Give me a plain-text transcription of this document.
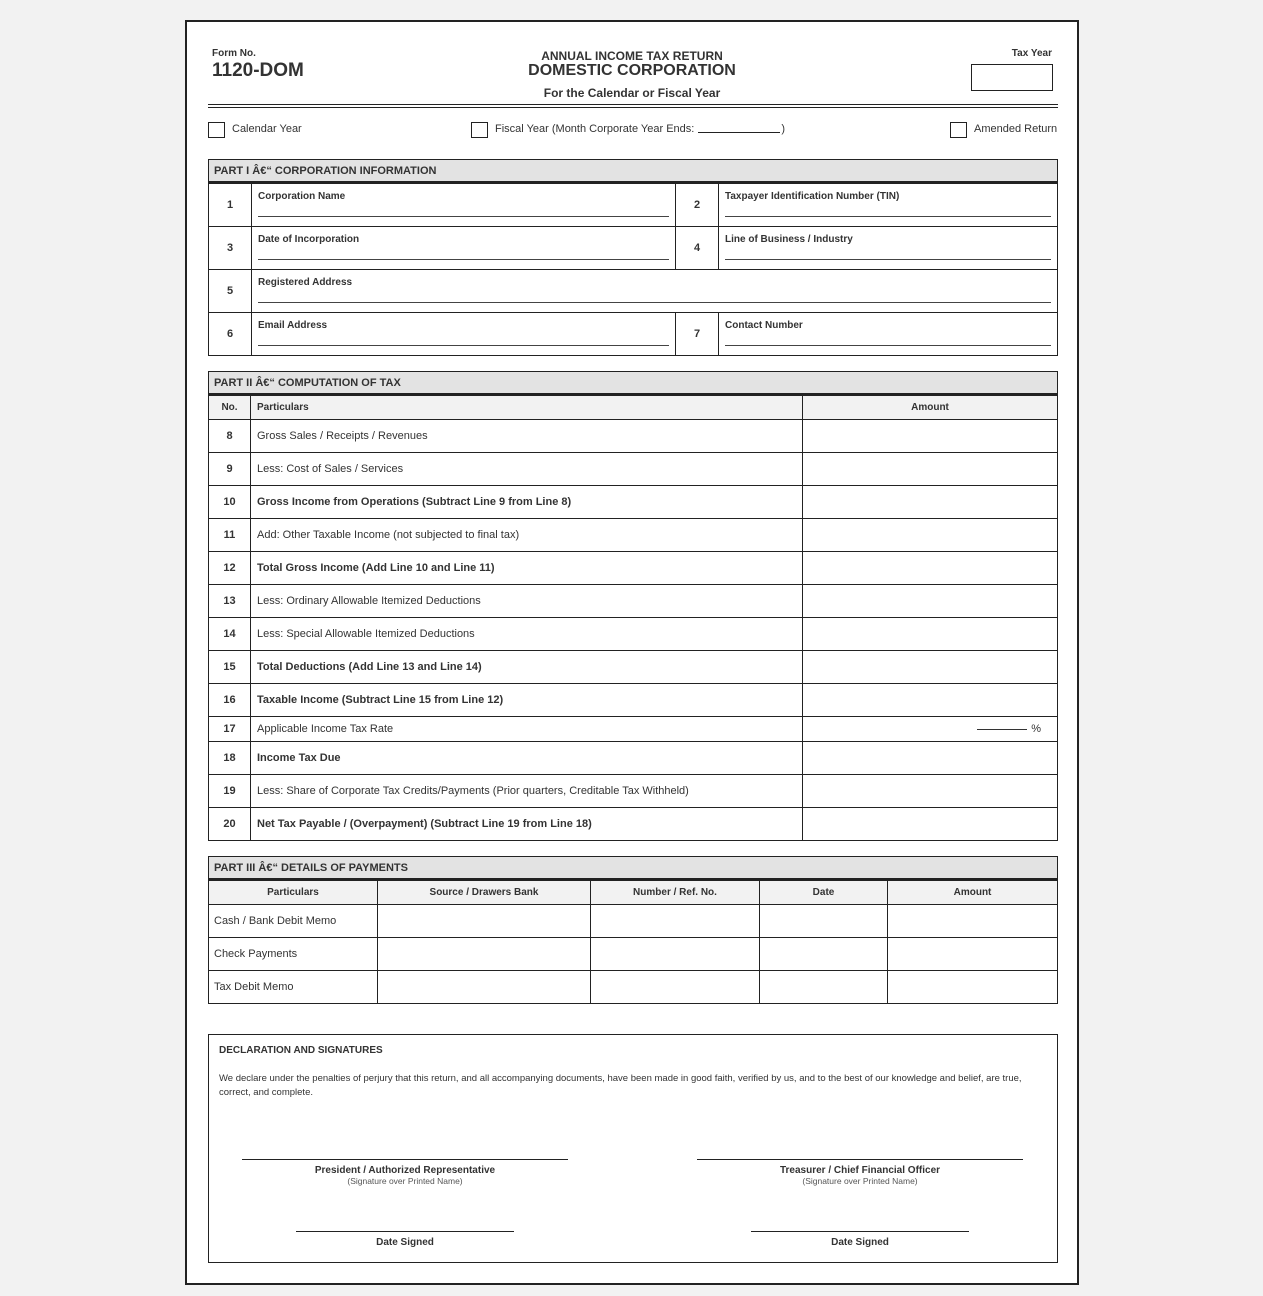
Form No.
1120-DOM
ANNUAL INCOME TAX RETURN
DOMESTIC CORPORATION
For the Calendar or Fiscal Year
Tax Year
Calendar Year	Fiscal Year (Month Corporate Year Ends:	)	Amended Return
PART I Â€“ CORPORATION INFORMATION
1	Corporation Name	2	Taxpayer Identification Number (TIN)

3	Date of Incorporation	4	Line of Business / Industry

5	Registered Address		

6	Email Address	7	Contact Number
PART II Â€“ COMPUTATION OF TAX
No.	Particulars	Amount
8	Gross Sales / Receipts / Revenues	
9	Less: Cost of Sales / Services	
10	Gross Income from Operations (Subtract Line 9 from Line 8)	
11	Add: Other Taxable Income (not subjected to final tax)	
12	Total Gross Income (Add Line 10 and Line 11)	
13	Less: Ordinary Allowable Itemized Deductions	
14	Less: Special Allowable Itemized Deductions	
15	Total Deductions (Add Line 13 and Line 14)	
16	Taxable Income (Subtract Line 15 from Line 12)	
17	Applicable Income Tax Rate	%
18	Income Tax Due	
19	Less: Share of Corporate Tax Credits/Payments (Prior quarters, Creditable Tax Withheld)	
20	Net Tax Payable / (Overpayment) (Subtract Line 19 from Line 18)	
PART III Â€“ DETAILS OF PAYMENTS
Particulars	Source / Drawers Bank	Number / Ref. No.	Date	Amount
Cash / Bank Debit Memo				
Check Payments				
Tax Debit Memo				
DECLARATION AND SIGNATURES
We declare under the penalties of perjury that this return, and all accompanying documents, have been made in good faith, verified by us, and to the best of our knowledge and belief, are true, correct, and complete.
President / Authorized Representative
(Signature over Printed Name)
Treasurer / Chief Financial Officer
(Signature over Printed Name)
Date Signed	Date Signed
